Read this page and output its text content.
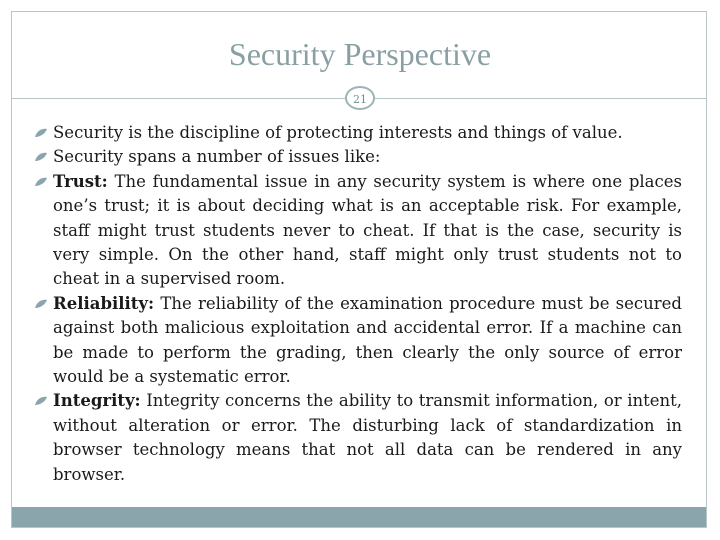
Security Perspective
21
Security is the discipline of protecting interests and things of value.
Security spans a number of issues like:
Trust: The fundamental issue in any security system is where one places one’s trust; it is about deciding what is an acceptable risk. For example, staff might trust students never to cheat. If that is the case, security is very simple. On the other hand, staff might only trust students not to cheat in a supervised room.
Reliability: The reliability of the examination procedure must be secured against both malicious exploitation and accidental error. If a machine can be made to perform the grading, then clearly the only source of error would be a systematic error.
Integrity: Integrity concerns the ability to transmit information, or intent, without alteration or error. The disturbing lack of standardization in browser technology means that not all data can be rendered in any browser.
